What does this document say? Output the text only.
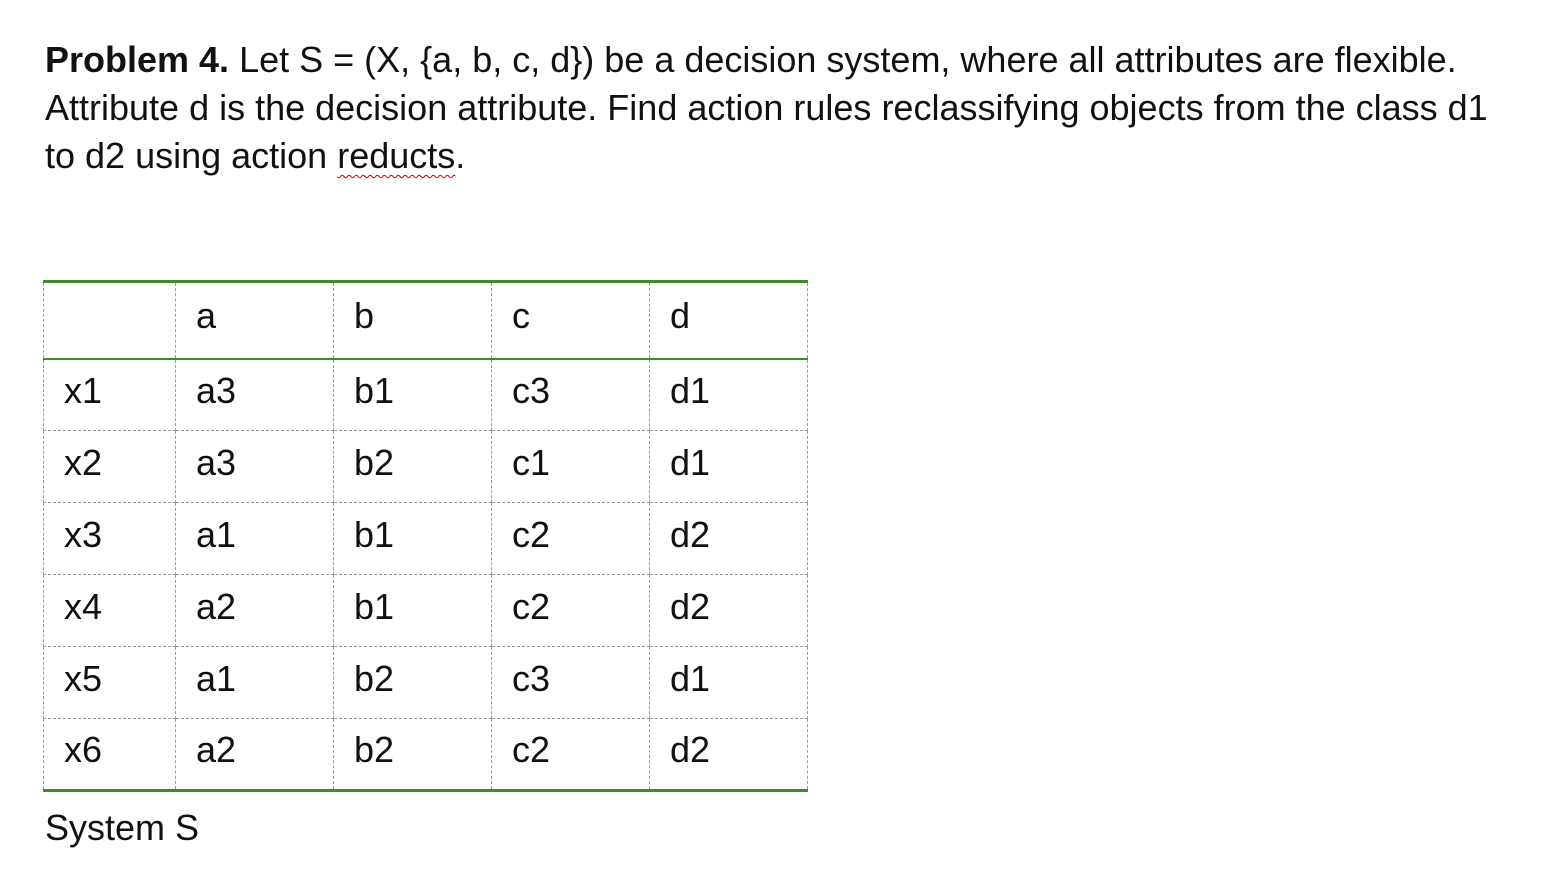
Problem 4. Let S = (X, {a, b, c, d}) be a decision system, where all attributes are flexible. Attribute d is the decision attribute. Find action rules reclassifying objects from the class d1 to d2 using action reducts.

	a	b	c	d
x1	a3	b1	c3	d1
x2	a3	b2	c1	d1
x3	a1	b1	c2	d2
x4	a2	b1	c2	d2
x5	a1	b2	c3	d1
x6	a2	b2	c2	d2
System S
